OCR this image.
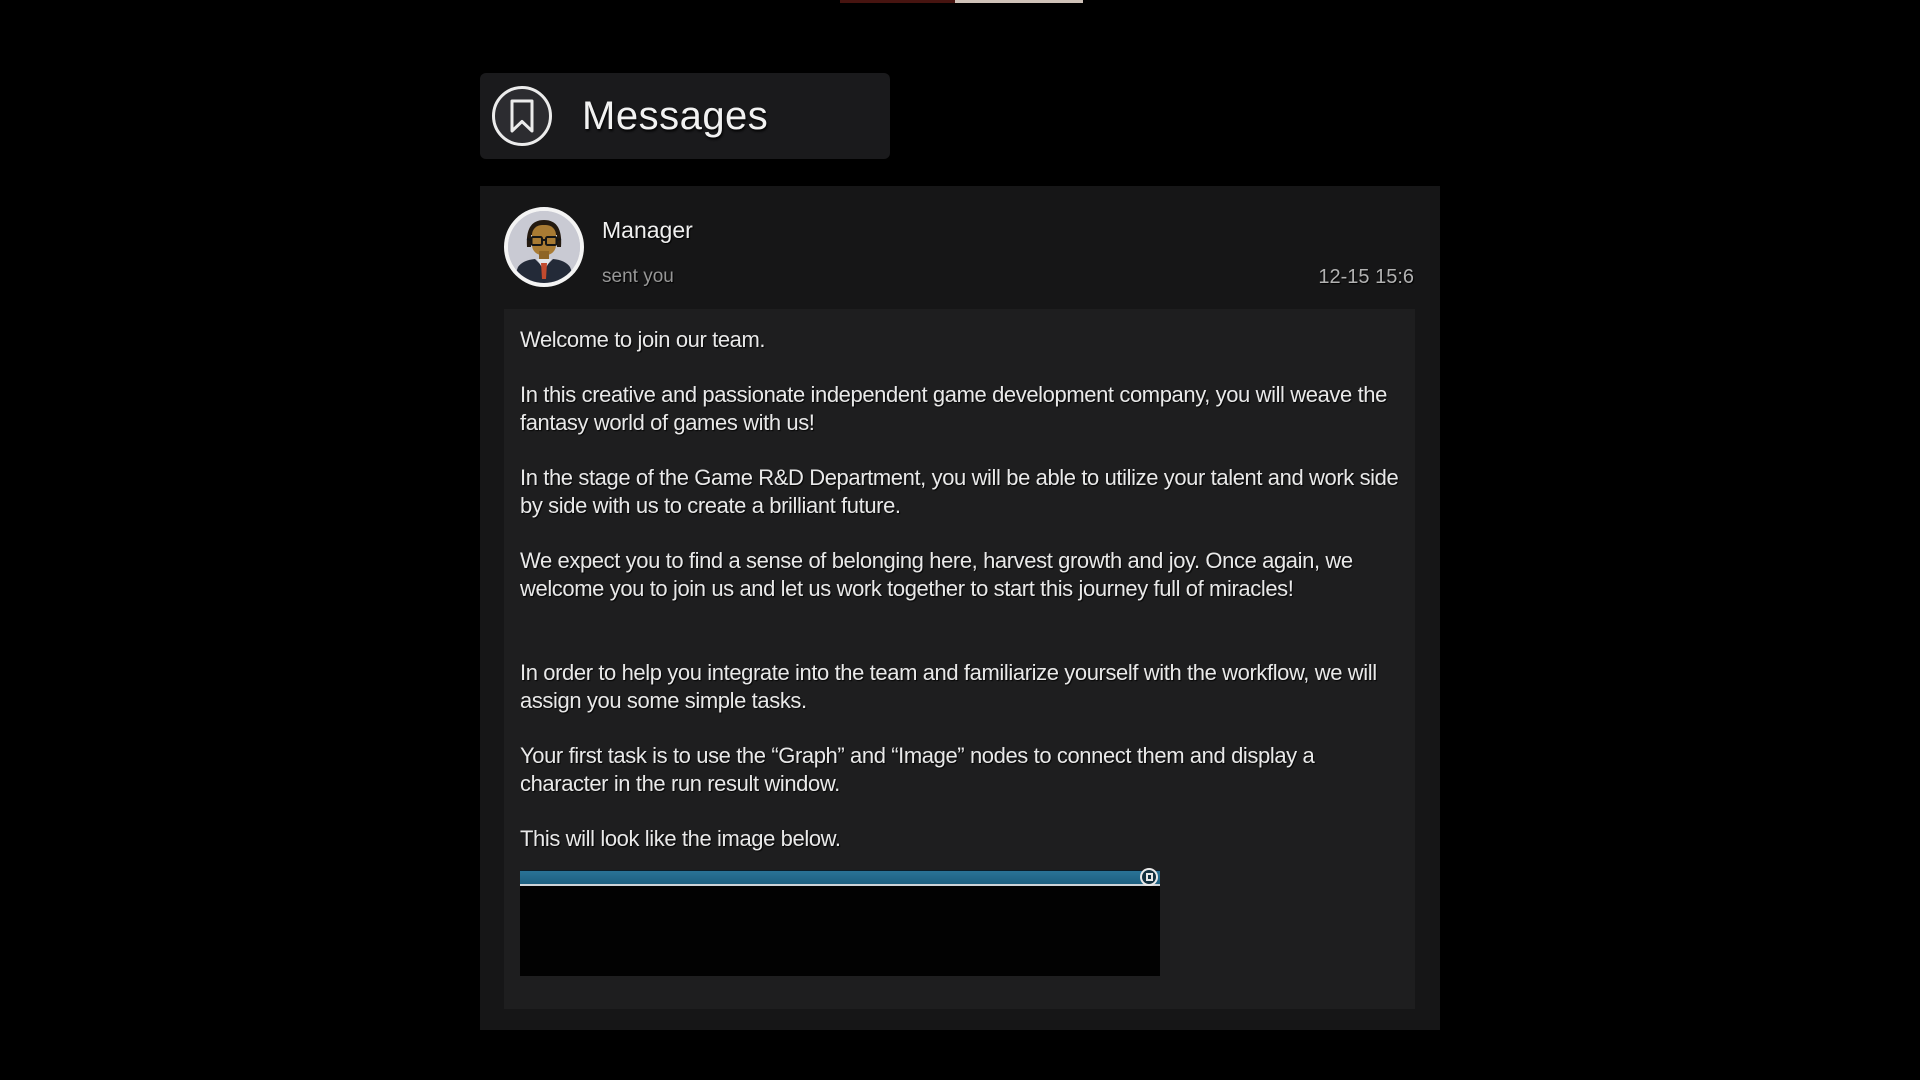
Messages
Manager
sent you	12-15 15:6

Welcome to join our team.

In this creative and passionate independent game development company, you will weave the fantasy world of games with us!

In the stage of the Game R&D Department, you will be able to utilize your talent and work side by side with us to create a brilliant future.

We expect you to find a sense of belonging here, harvest growth and joy. Once again, we welcome you to join us and let us work together to start this journey full of miracles!

In order to help you integrate into the team and familiarize yourself with the workflow, we will assign you some simple tasks.

Your first task is to use the “Graph” and “Image” nodes to connect them and display a character in the run result window.

This will look like the image below.
